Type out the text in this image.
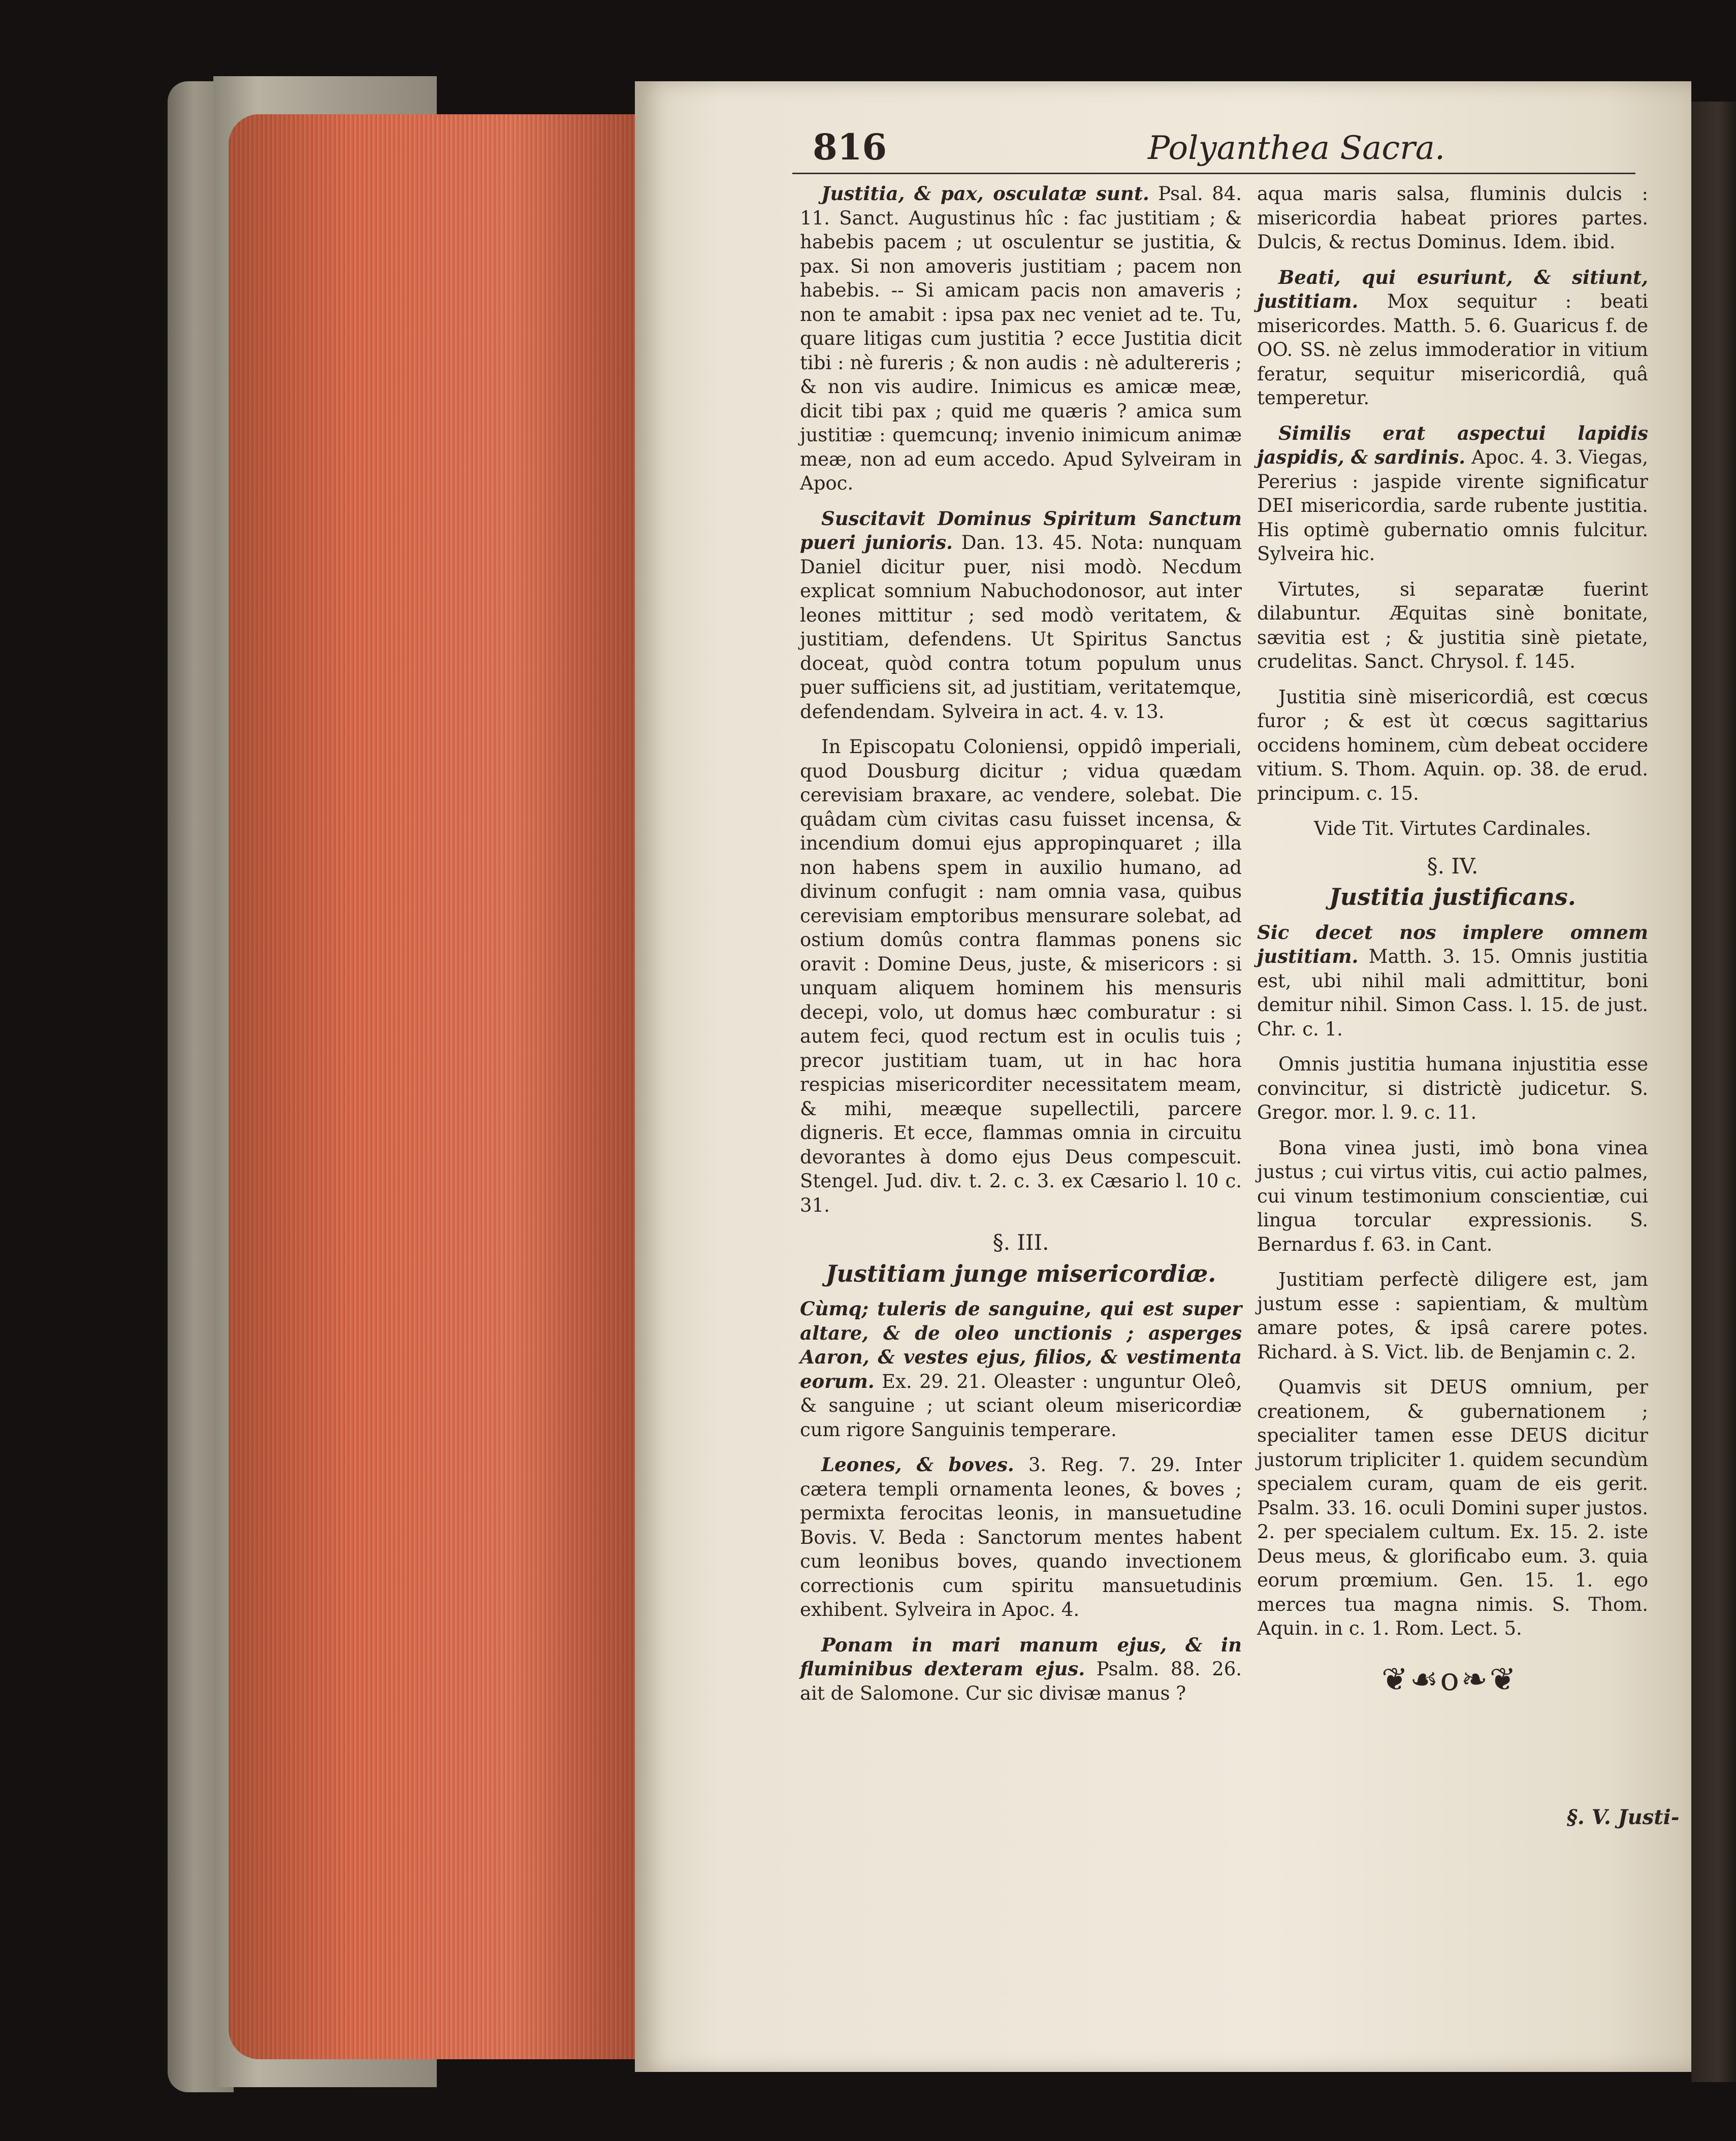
816	Polyanthea Sacra.

Justitia, & pax, osculatæ sunt. Psal. 84. 11. Sanct. Augustinus hîc : fac justitiam ; & habebis pacem ; ut osculentur se justitia, & pax. Si non amoveris justitiam ; pacem non habebis. -- Si amicam pacis non amaveris ; non te amabit : ipsa pax nec veniet ad te. Tu, quare litigas cum justitia ? ecce Justitia dicit tibi : nè fureris ; & non audis : nè adultereris ; & non vis audire. Inimicus es amicæ meæ, dicit tibi pax ; quid me quæris ? amica sum justitiæ : quemcunq; invenio inimicum animæ meæ, non ad eum accedo. Apud Sylveiram in Apoc.

Suscitavit Dominus Spiritum Sanctum pueri junioris. Dan. 13. 45. Nota: nunquam Daniel dicitur puer, nisi modò. Necdum explicat somnium Nabuchodonosor, aut inter leones mittitur ; sed modò veritatem, & justitiam, defendens. Ut Spiritus Sanctus doceat, quòd contra totum populum unus puer sufficiens sit, ad justitiam, veritatemque, defendendam. Sylveira in act. 4. v. 13.

In Episcopatu Coloniensi, oppidô imperiali, quod Dousburg dicitur ; vidua quædam cerevisiam braxare, ac vendere, solebat. Die quâdam cùm civitas casu fuisset incensa, & incendium domui ejus appropinquaret ; illa non habens spem in auxilio humano, ad divinum confugit : nam omnia vasa, quibus cerevisiam emptoribus mensurare solebat, ad ostium domûs contra flammas ponens sic oravit : Domine Deus, juste, & misericors : si unquam aliquem hominem his mensuris decepi, volo, ut domus hæc comburatur : si autem feci, quod rectum est in oculis tuis ; precor justitiam tuam, ut in hac hora respicias misericorditer necessitatem meam, & mihi, meæque supellectili, parcere digneris. Et ecce, flammas omnia in circuitu devorantes à domo ejus Deus compescuit. Stengel. Jud. div. t. 2. c. 3. ex Cæsario l. 10 c. 31.

§. III.
Justitiam junge misericordiæ.

Cùmq; tuleris de sanguine, qui est super altare, & de oleo unctionis ; asperges Aaron, & vestes ejus, filios, & vestimenta eorum. Ex. 29. 21. Oleaster : unguntur Oleô, & sanguine ; ut sciant oleum misericordiæ cum rigore Sanguinis temperare.

Leones, & boves. 3. Reg. 7. 29. Inter cætera templi ornamenta leones, & boves ; permixta ferocitas leonis, in mansuetudine Bovis. V. Beda : Sanctorum mentes habent cum leonibus boves, quando invectionem correctionis cum spiritu mansuetudinis exhibent. Sylveira in Apoc. 4.

Ponam in mari manum ejus, & in fluminibus dexteram ejus. Psalm. 88. 26. ait de Salomone. Cur sic divisæ manus ?

aqua maris salsa, fluminis dulcis : misericordia habeat priores partes. Dulcis, & rectus Dominus. Idem. ibid.

Beati, qui esuriunt, & sitiunt, justitiam. Mox sequitur : beati misericordes. Matth. 5. 6. Guaricus f. de OO. SS. nè zelus immoderatior in vitium feratur, sequitur misericordiâ, quâ temperetur.

Similis erat aspectui lapidis jaspidis, & sardinis. Apoc. 4. 3. Viegas, Pererius : jaspide virente significatur DEI misericordia, sarde rubente justitia. His optimè gubernatio omnis fulcitur. Sylveira hic.

Virtutes, si separatæ fuerint dilabuntur. Æquitas sinè bonitate, sævitia est ; & justitia sinè pietate, crudelitas. Sanct. Chrysol. f. 145.

Justitia sinè misericordiâ, est cœcus furor ; & est ùt cœcus sagittarius occidens hominem, cùm debeat occidere vitium. S. Thom. Aquin. op. 38. de erud. principum. c. 15.

Vide Tit. Virtutes Cardinales.

§. IV.
Justitia justificans.

Sic decet nos implere omnem justitiam. Matth. 3. 15. Omnis justitia est, ubi nihil mali admittitur, boni demitur nihil. Simon Cass. l. 15. de just. Chr. c. 1.

Omnis justitia humana injustitia esse convincitur, si districtè judicetur. S. Gregor. mor. l. 9. c. 11.

Bona vinea justi, imò bona vinea justus ; cui virtus vitis, cui actio palmes, cui vinum testimonium conscientiæ, cui lingua torcular expressionis. S. Bernardus f. 63. in Cant.

Justitiam perfectè diligere est, jam justum esse : sapientiam, & multùm amare potes, & ipsâ carere potes. Richard. à S. Vict. lib. de Benjamin c. 2.

Quamvis sit DEUS omnium, per creationem, & gubernationem ; specialiter tamen esse DEUS dicitur justorum tripliciter 1. quidem secundùm specialem curam, quam de eis gerit. Psalm. 33. 16. oculi Domini super justos. 2. per specialem cultum. Ex. 15. 2. iste Deus meus, & glorificabo eum. 3. quia eorum prœmium. Gen. 15. 1. ego merces tua magna nimis. S. Thom. Aquin. in c. 1. Rom. Lect. 5.

❦☙o❧❦
§. V. Justi-
